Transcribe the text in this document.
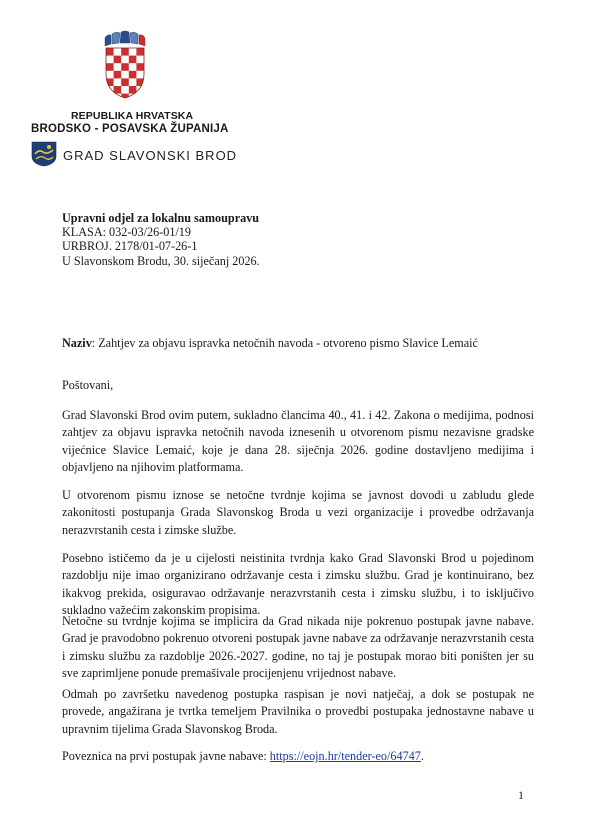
REPUBLIKA HRVATSKA
BRODSKO - POSAVSKA ŽUPANIJA
GRAD SLAVONSKI BROD
Upravni odjel za lokalnu samoupravu
KLASA: 032-03/26-01/19
URBROJ. 2178/01-07-26-1
U Slavonskom Brodu, 30. siječanj 2026.
Naziv: Zahtjev za objavu ispravka netočnih navoda - otvoreno pismo Slavice Lemaić
Poštovani,

Grad Slavonski Brod ovim putem, sukladno člancima 40., 41. i 42. Zakona o medijima, podnosi zahtjev za objavu ispravka netočnih navoda iznesenih u otvorenom pismu nezavisne gradske vijećnice Slavice Lemaić, koje je dana 28. siječnja 2026. godine dostavljeno medijima i objavljeno na njihovim platformama.

U otvorenom pismu iznose se netočne tvrdnje kojima se javnost dovodi u zabludu glede zakonitosti postupanja Grada Slavonskog Broda u vezi organizacije i provedbe održavanja nerazvrstanih cesta i zimske službe.

Posebno ističemo da je u cijelosti neistinita tvrdnja kako Grad Slavonski Brod u pojedinom razdoblju nije imao organizirano održavanje cesta i zimsku službu. Grad je kontinuirano, bez ikakvog prekida, osiguravao održavanje nerazvrstanih cesta i zimsku službu, i to isključivo sukladno važećim zakonskim propisima.

Netočne su tvrdnje kojima se implicira da Grad nikada nije pokrenuo postupak javne nabave. Grad je pravodobno pokrenuo otvoreni postupak javne nabave za održavanje nerazvrstanih cesta i zimsku službu za razdoblje 2026.-2027. godine, no taj je postupak morao biti poništen jer su sve zaprimljene ponude premašivale procijenjenu vrijednost nabave.

Odmah po završetku navedenog postupka raspisan je novi natječaj, a dok se postupak ne provede, angažirana je tvrtka temeljem Pravilnika o provedbi postupaka jednostavne nabave u upravnim tijelima Grada Slavonskog Broda.

Poveznica na prvi postupak javne nabave: https://eojn.hr/tender-eo/64747.

1
